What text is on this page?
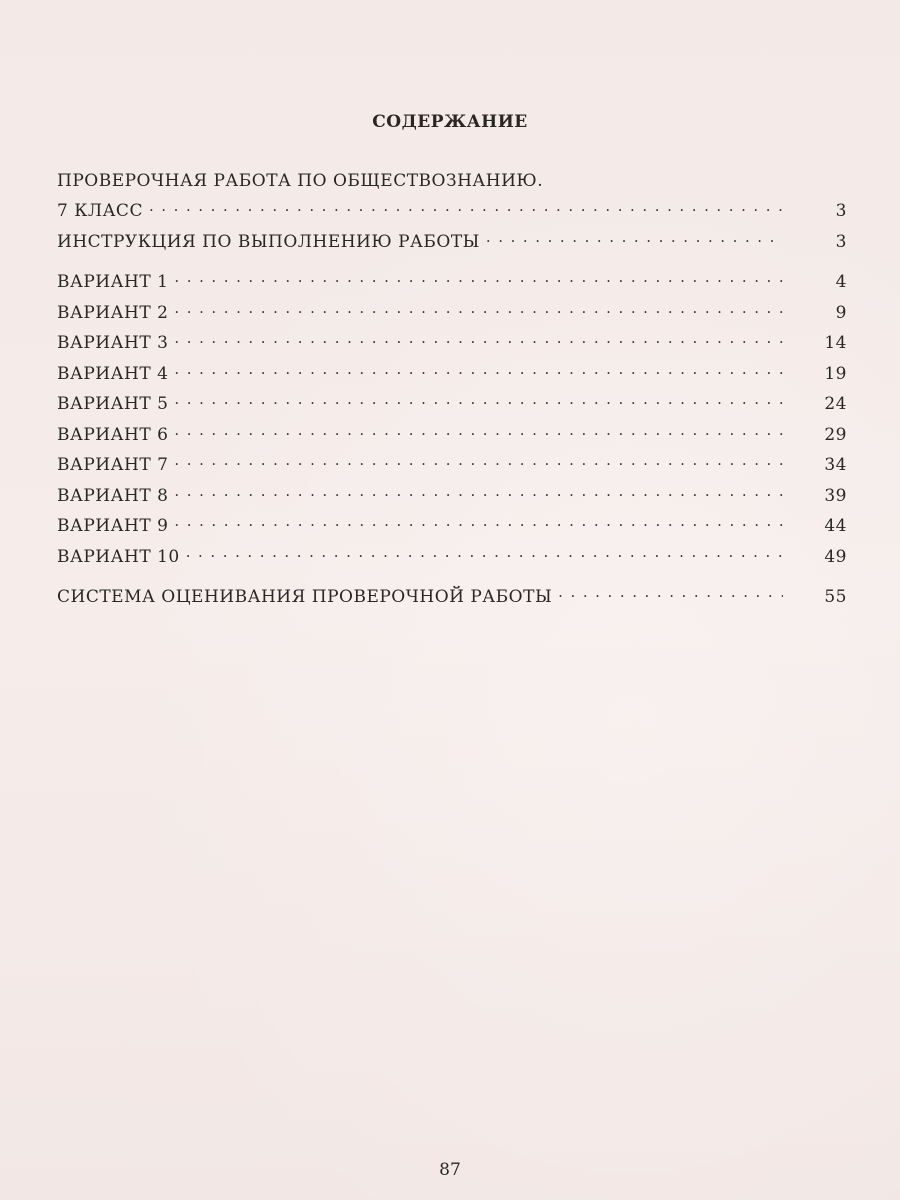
СОДЕРЖАНИЕ
ПРОВЕРОЧНАЯ РАБОТА ПО ОБЩЕСТВОЗНАНИЮ.
7 КЛАСС . . .	3
ИНСТРУКЦИЯ ПО ВЫПОЛНЕНИЮ РАБОТЫ . . .	3
ВАРИАНТ 1 . . .	4
ВАРИАНТ 2 . . .	9
ВАРИАНТ 3 . . .	14
ВАРИАНТ 4 . . .	19
ВАРИАНТ 5 . . .	24
ВАРИАНТ 6 . . .	29
ВАРИАНТ 7 . . .	34
ВАРИАНТ 8 . . .	39
ВАРИАНТ 9 . . .	44
ВАРИАНТ 10 . . .	49
СИСТЕМА ОЦЕНИВАНИЯ ПРОВЕРОЧНОЙ РАБОТЫ . . .	55
87
